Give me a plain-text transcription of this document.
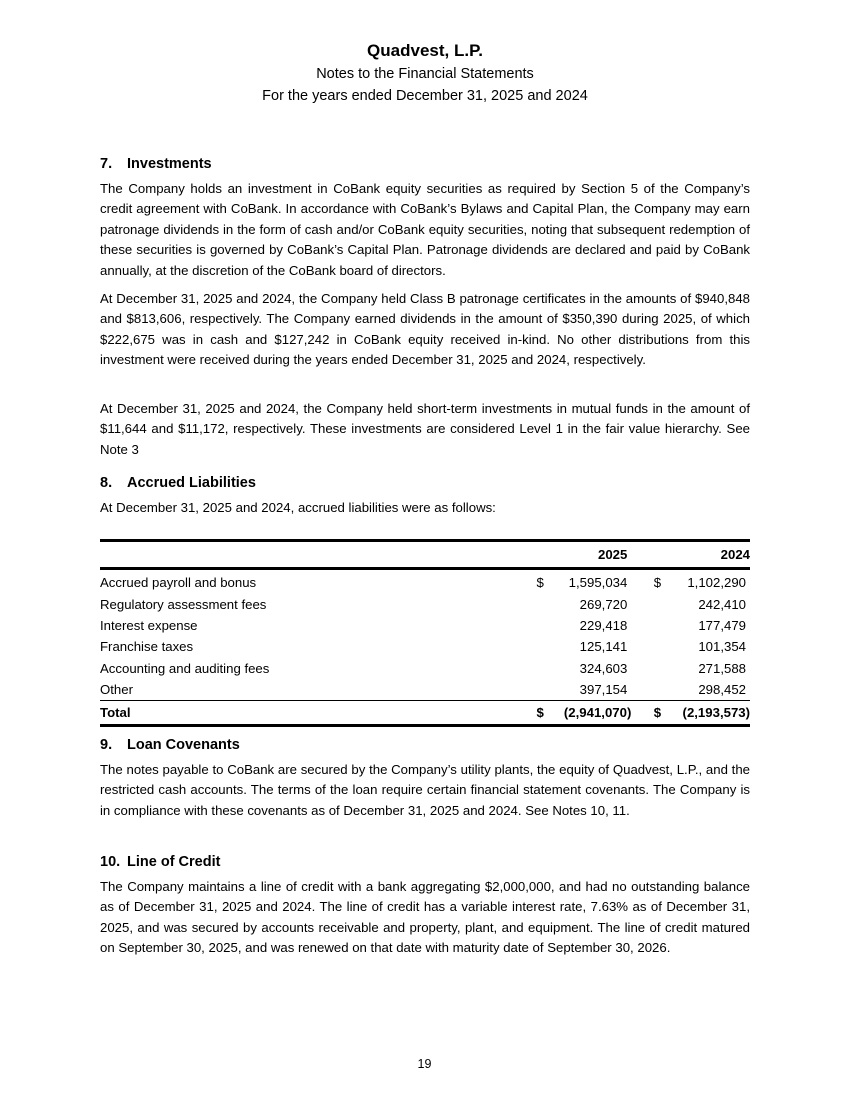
Quadvest, L.P.
Notes to the Financial Statements
For the years ended December 31, 2025 and 2024
7. Investments

The Company holds an investment in CoBank equity securities as required by Section 5 of the Company’s credit agreement with CoBank. In accordance with CoBank’s Bylaws and Capital Plan, the Company may earn patronage dividends in the form of cash and/or CoBank equity securities, noting that subsequent redemption of these securities is governed by CoBank’s Capital Plan. Patronage dividends are declared and paid by CoBank annually, at the discretion of the CoBank board of directors.

At December 31, 2025 and 2024, the Company held Class B patronage certificates in the amounts of $940,848 and $813,606, respectively. The Company earned dividends in the amount of $350,390 during 2025, of which $222,675 was in cash and $127,242 in CoBank equity received in-kind. No other distributions from this investment were received during the years ended December 31, 2025 and 2024, respectively.

At December 31, 2025 and 2024, the Company held short-term investments in mutual funds in the amount of $11,644 and $11,172, respectively. These investments are considered Level 1 in the fair value hierarchy. See Note 3

8. Accrued Liabilities

At December 31, 2025 and 2024, accrued liabilities were as follows:

		2025		2024
Accrued payroll and bonus	$	1,595,034	$	1,102,290
Regulatory assessment fees		269,720		242,410
Interest expense		229,418		177,479
Franchise taxes		125,141		101,354
Accounting and auditing fees		324,603		271,588
Other		397,154		298,452
Total	$	(2,941,070)	$	(2,193,573)
9. Loan Covenants

The notes payable to CoBank are secured by the Company’s utility plants, the equity of Quadvest, L.P., and the restricted cash accounts. The terms of the loan require certain financial statement covenants. The Company is in compliance with these covenants as of December 31, 2025 and 2024. See Notes 10, 11.

10. Line of Credit

The Company maintains a line of credit with a bank aggregating $2,000,000, and had no outstanding balance as of December 31, 2025 and 2024. The line of credit has a variable interest rate, 7.63% as of December 31, 2025, and was secured by accounts receivable and property, plant, and equipment. The line of credit matured on September 30, 2025, and was renewed on that date with maturity date of September 30, 2026.

19
